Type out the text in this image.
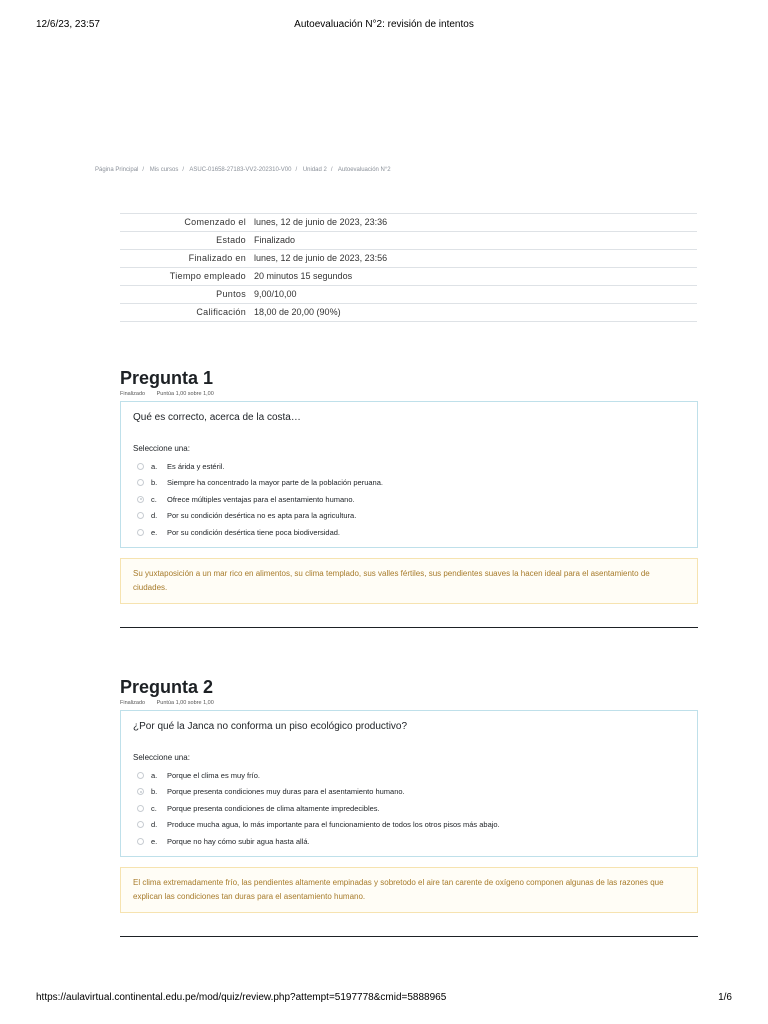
12/6/23, 23:57	Autoevaluación N°2: revisión de intentos
Página Principal / Mis cursos / ASUC-01658-27183-VV2-202310-V00 / Unidad 2 / Autoevaluación N°2
Comenzado el	lunes, 12 de junio de 2023, 23:36
Estado	Finalizado
Finalizado en	lunes, 12 de junio de 2023, 23:56
Tiempo empleado	20 minutos 15 segundos
Puntos	9,00/10,00
Calificación	18,00 de 20,00 (90%)
Pregunta 1
Finalizado Puntúa 1,00 sobre 1,00
Qué es correcto, acerca de la costa…
Seleccione una:
a.	Es árida y estéril.
b.	Siempre ha concentrado la mayor parte de la población peruana.
c.	Ofrece múltiples ventajas para el asentamiento humano.
d.	Por su condición desértica no es apta para la agricultura.
e.	Por su condición desértica tiene poca biodiversidad.
Su yuxtaposición a un mar rico en alimentos, su clima templado, sus valles fértiles, sus pendientes suaves la hacen ideal para el asentamiento de ciudades.
Pregunta 2
Finalizado Puntúa 1,00 sobre 1,00
¿Por qué la Janca no conforma un piso ecológico productivo?
Seleccione una:
a.	Porque el clima es muy frío.
b.	Porque presenta condiciones muy duras para el asentamiento humano.
c.	Porque presenta condiciones de clima altamente impredecibles.
d.	Produce mucha agua, lo más importante para el funcionamiento de todos los otros pisos más abajo.
e.	Porque no hay cómo subir agua hasta allá.
El clima extremadamente frío, las pendientes altamente empinadas y sobretodo el aire tan carente de oxígeno componen algunas de las razones que explican las condiciones tan duras para el asentamiento humano.
https://aulavirtual.continental.edu.pe/mod/quiz/review.php?attempt=5197778&cmid=5888965	1/6
